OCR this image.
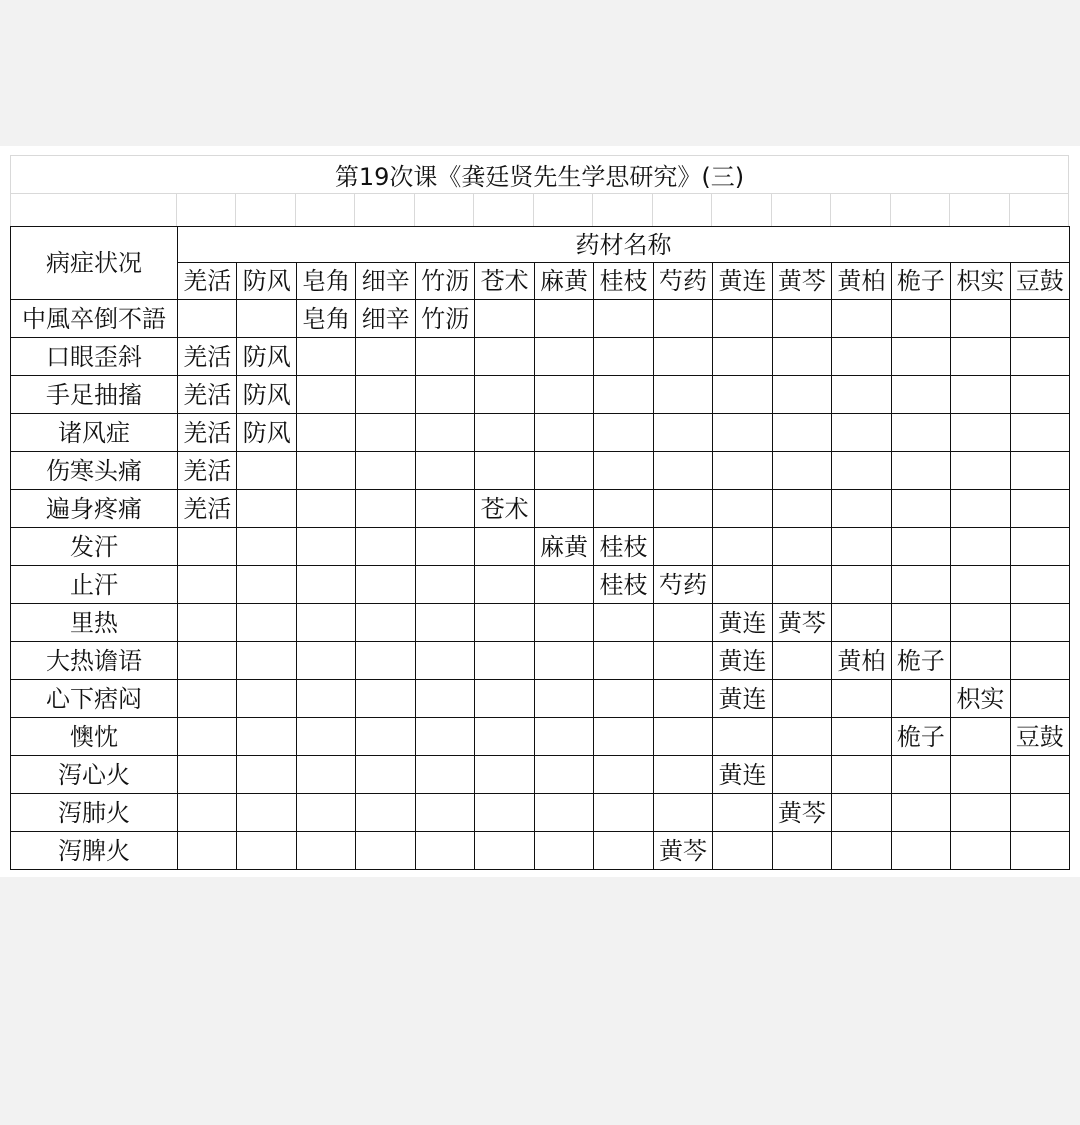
第19次课《龚廷贤先生学思研究》(三)
病症状况	药材名称														
	羌活	防风	皂角	细辛	竹沥	苍术	麻黄	桂枝	芍药	黄连	黄芩	黄柏	桅子	枳实	豆鼓
中風卒倒不語			皂角	细辛	竹沥										
口眼歪斜	羌活	防风													
手足抽搐	羌活	防风													
诸风症	羌活	防风													
伤寒头痛	羌活														
遍身疼痛	羌活					苍术									
发汗							麻黄	桂枝							
止汗								桂枝	芍药						
里热										黄连	黄芩				
大热谵语										黄连		黄柏	桅子		
心下痞闷										黄连				枳实	
懊忱													桅子		豆鼓
泻心火										黄连					
泻肺火											黄芩				
泻脾火									黄芩						
